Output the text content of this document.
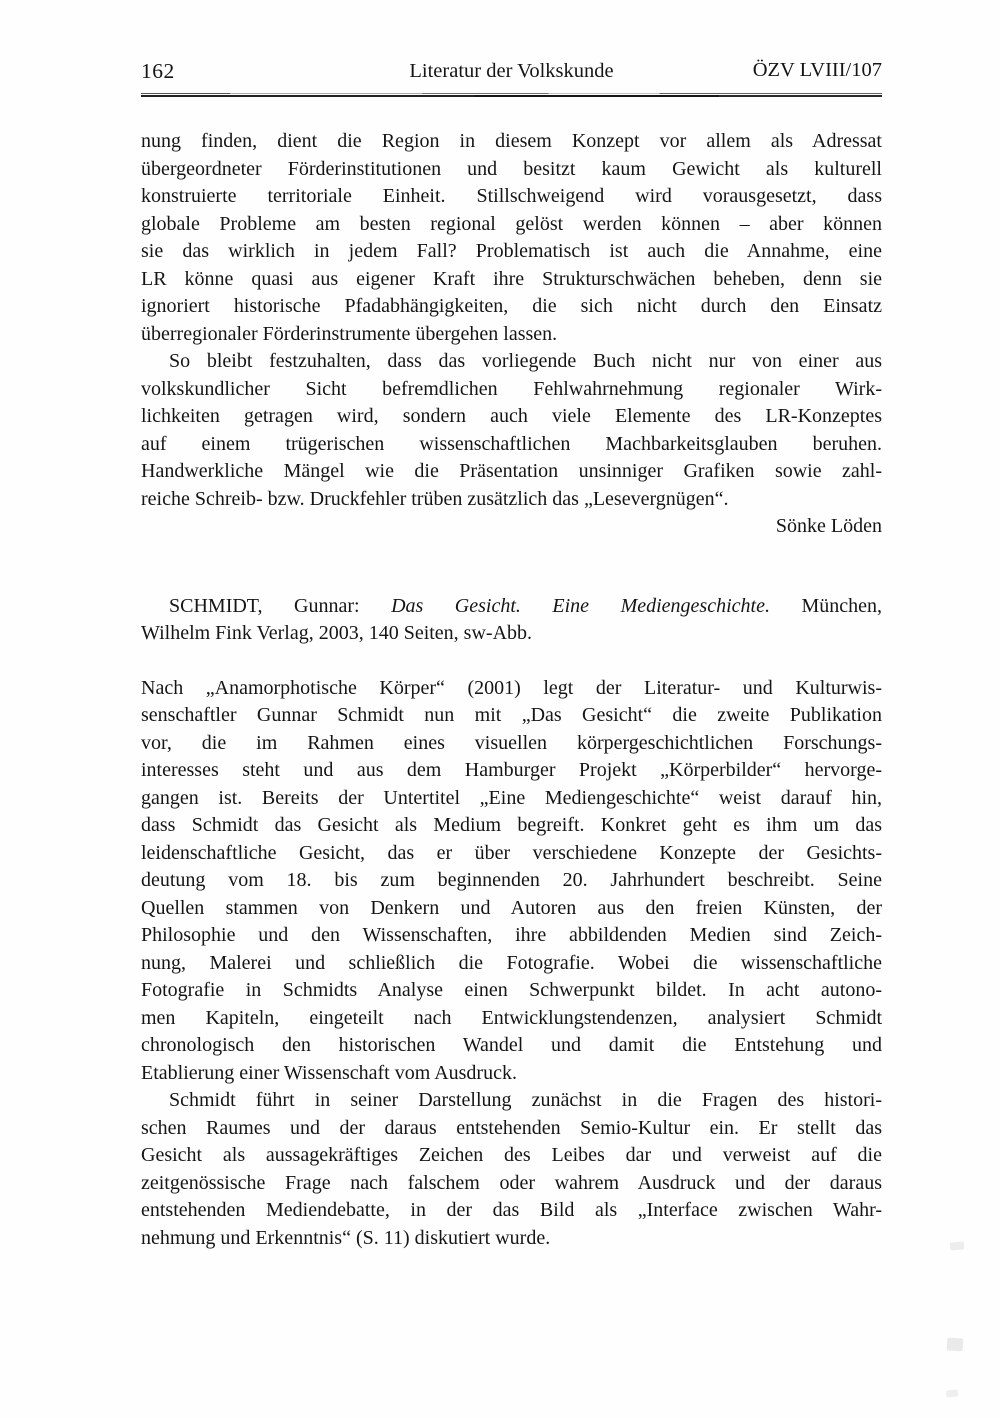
162	Literatur der Volkskunde	ÖZV LVIII/107
nung finden, dient die Region in diesem Konzept vor allem als Adressat
übergeordneter Förderinstitutionen und besitzt kaum Gewicht als kulturell
konstruierte territoriale Einheit. Stillschweigend wird vorausgesetzt, dass
globale Probleme am besten regional gelöst werden können – aber können
sie das wirklich in jedem Fall? Problematisch ist auch die Annahme, eine
LR könne quasi aus eigener Kraft ihre Strukturschwächen beheben, denn sie
ignoriert historische Pfadabhängigkeiten, die sich nicht durch den Einsatz
überregionaler Förderinstrumente übergehen lassen.
So bleibt festzuhalten, dass das vorliegende Buch nicht nur von einer aus
volkskundlicher Sicht befremdlichen Fehlwahrnehmung regionaler Wirk-
lichkeiten getragen wird, sondern auch viele Elemente des LR-Konzeptes
auf einem trügerischen wissenschaftlichen Machbarkeitsglauben beruhen.
Handwerkliche Mängel wie die Präsentation unsinniger Grafiken sowie zahl-
reiche Schreib- bzw. Druckfehler trüben zusätzlich das „Lesevergnügen“.
Sönke Löden
SCHMIDT, Gunnar: Das Gesicht. Eine Mediengeschichte. München,
Wilhelm Fink Verlag, 2003, 140 Seiten, sw-Abb.
Nach „Anamorphotische Körper“ (2001) legt der Literatur- und Kulturwis-
senschaftler Gunnar Schmidt nun mit „Das Gesicht“ die zweite Publikation
vor, die im Rahmen eines visuellen körpergeschichtlichen Forschungs-
interesses steht und aus dem Hamburger Projekt „Körperbilder“ hervorge-
gangen ist. Bereits der Untertitel „Eine Mediengeschichte“ weist darauf hin,
dass Schmidt das Gesicht als Medium begreift. Konkret geht es ihm um das
leidenschaftliche Gesicht, das er über verschiedene Konzepte der Gesichts-
deutung vom 18. bis zum beginnenden 20. Jahrhundert beschreibt. Seine
Quellen stammen von Denkern und Autoren aus den freien Künsten, der
Philosophie und den Wissenschaften, ihre abbildenden Medien sind Zeich-
nung, Malerei und schließlich die Fotografie. Wobei die wissenschaftliche
Fotografie in Schmidts Analyse einen Schwerpunkt bildet. In acht autono-
men Kapiteln, eingeteilt nach Entwicklungstendenzen, analysiert Schmidt
chronologisch den historischen Wandel und damit die Entstehung und
Etablierung einer Wissenschaft vom Ausdruck.
Schmidt führt in seiner Darstellung zunächst in die Fragen des histori-
schen Raumes und der daraus entstehenden Semio-Kultur ein. Er stellt das
Gesicht als aussagekräftiges Zeichen des Leibes dar und verweist auf die
zeitgenössische Frage nach falschem oder wahrem Ausdruck und der daraus
entstehenden Mediendebatte, in der das Bild als „Interface zwischen Wahr-
nehmung und Erkenntnis“ (S. 11) diskutiert wurde.
